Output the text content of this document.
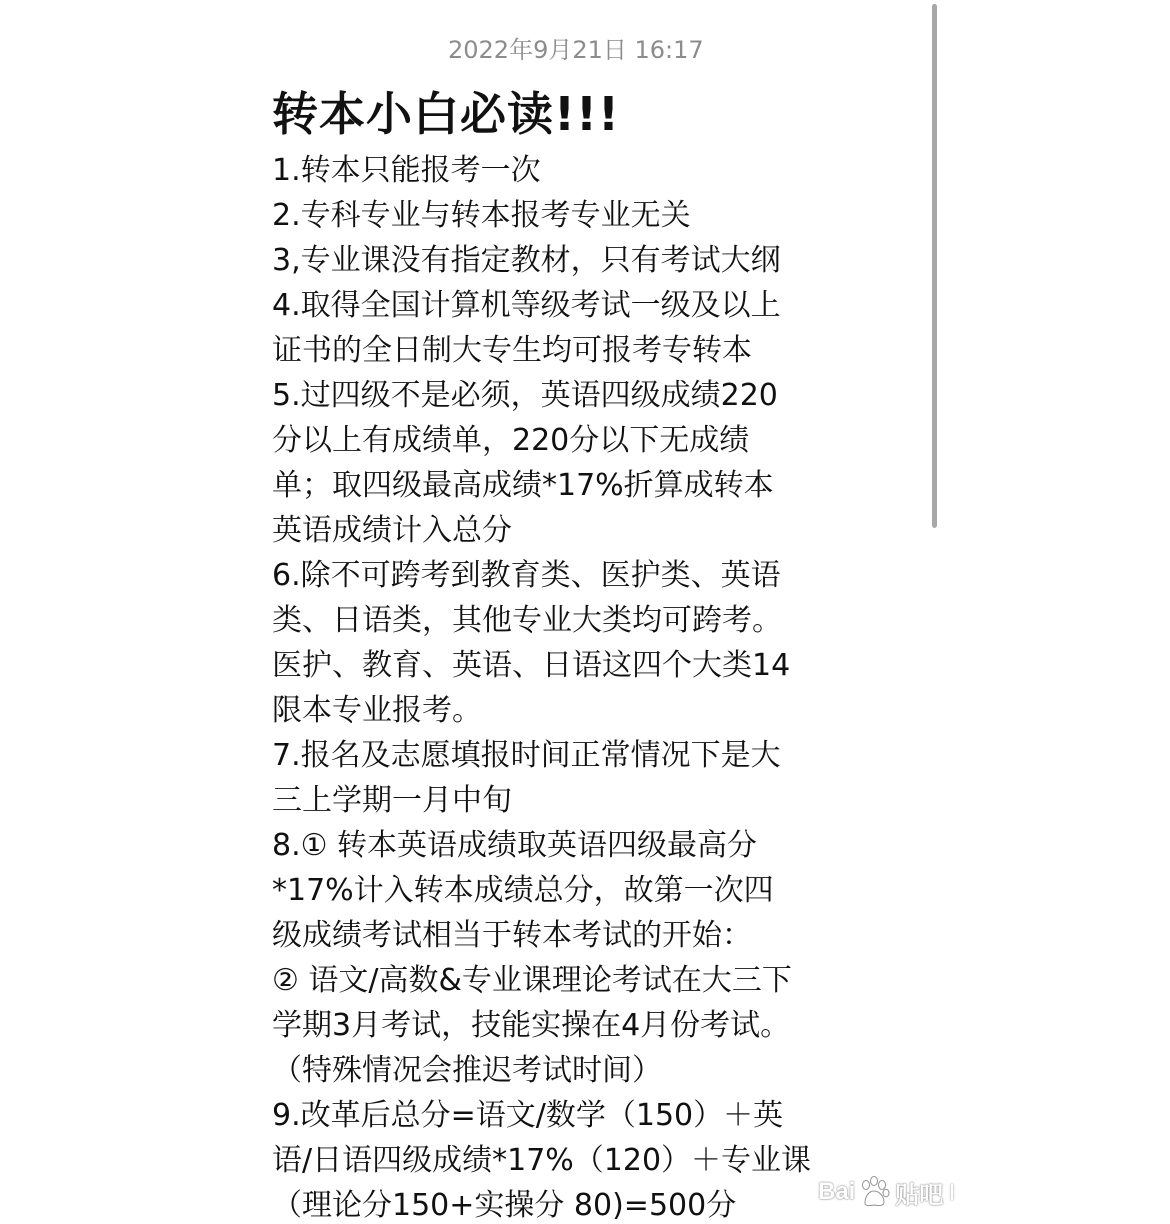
2022年9月21日 16:17
转本小白必读!!!
1.转本只能报考一次
2.专科专业与转本报考专业无关
3,专业课没有指定教材，只有考试大纲
4.取得全国计算机等级考试一级及以上
证书的全日制大专生均可报考专转本
5.过四级不是必须，英语四级成绩220
分以上有成绩单，220分以下无成绩
单；取四级最高成绩*17%折算成转本
英语成绩计入总分
6.除不可跨考到教育类、医护类、英语
类、日语类，其他专业大类均可跨考。
医护、教育、英语、日语这四个大类14
限本专业报考。
7.报名及志愿填报时间正常情况下是大
三上学期一月中旬
8.① 转本英语成绩取英语四级最高分
*17%计入转本成绩总分，故第一次四
级成绩考试相当于转本考试的开始：
② 语文/高数&专业课理论考试在大三下
学期3月考试，技能实操在4月份考试。
（特殊情况会推迟考试时间）
9.改革后总分=语文/数学（150）＋英
语/日语四级成绩*17%（120）＋专业课
（理论分150+实操分 80)=500分	Bai 贴吧
